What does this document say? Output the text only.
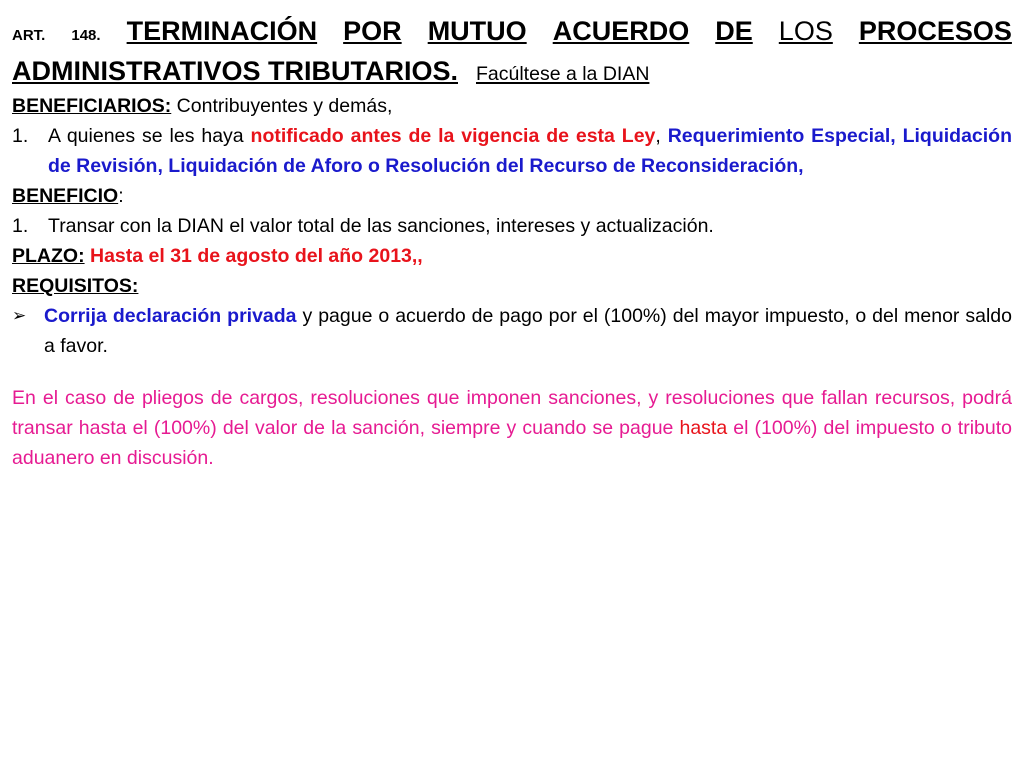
ART. 148. TERMINACIÓN POR MUTUO ACUERDO DE LOS PROCESOS
ADMINISTRATIVOS TRIBUTARIOS. Facúltese a la DIAN
BENEFICIARIOS: Contribuyentes y demás,
1.	A quienes se les haya notificado antes de la vigencia de esta Ley, Requerimiento Especial, Liquidación de Revisión, Liquidación de Aforo o Resolución del Recurso de Reconsideración,
BENEFICIO:
1.	Transar con la DIAN el valor total de las sanciones, intereses y actualización.
PLAZO: Hasta el 31 de agosto del año 2013,,
REQUISITOS:
➢ Corrija declaración privada y pague o acuerdo de pago por el (100%) del mayor impuesto, o del menor saldo a favor.
En el caso de pliegos de cargos, resoluciones que imponen sanciones, y resoluciones que fallan recursos, podrá transar hasta el (100%) del valor de la sanción, siempre y cuando se pague hasta el (100%) del impuesto o tributo aduanero en discusión.
